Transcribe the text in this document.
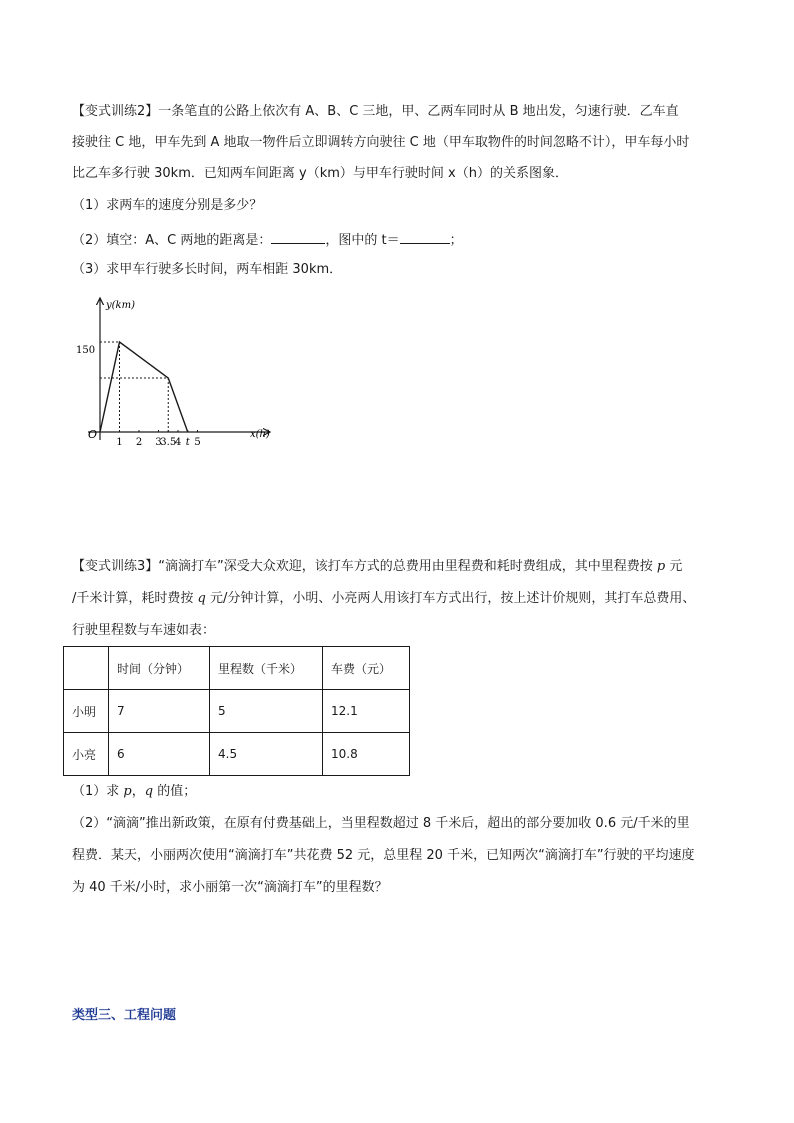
【变式训练2】一条笔直的公路上依次有 A、B、C 三地，甲、乙两车同时从 B 地出发，匀速行驶．乙车直
接驶往 C 地，甲车先到 A 地取一物件后立即调转方向驶往 C 地（甲车取物件的时间忽略不计），甲车每小时
比乙车多行驶 30km．已知两车间距离 y（km）与甲车行驶时间 x（h）的关系图象．
（1）求两车的速度分别是多少？
（2）填空：A、C 两地的距离是：	，图中的 t＝	；
（3）求甲车行驶多长时间，两车相距 30km．
y(km)
x(h)
O
150
1 2 3
3.5
4 t 5
【变式训练3】“滴滴打车”深受大众欢迎，该打车方式的总费用由里程费和耗时费组成，其中里程费按 p 元
/千米计算，耗时费按 q 元/分钟计算，小明、小亮两人用该打车方式出行，按上述计价规则，其打车总费用、
行驶里程数与车速如表：
	时间（分钟）	里程数（千米）	车费（元）
小明	7	5	12.1
小亮	6	4.5	10.8
（1）求 p，q 的值；
（2）“滴滴”推出新政策，在原有付费基础上，当里程数超过 8 千米后，超出的部分要加收 0.6 元/千米的里
程费．某天，小丽两次使用“滴滴打车”共花费 52 元，总里程 20 千米，已知两次“滴滴打车”行驶的平均速度
为 40 千米/小时，求小丽第一次“滴滴打车”的里程数？
类型三、工程问题
